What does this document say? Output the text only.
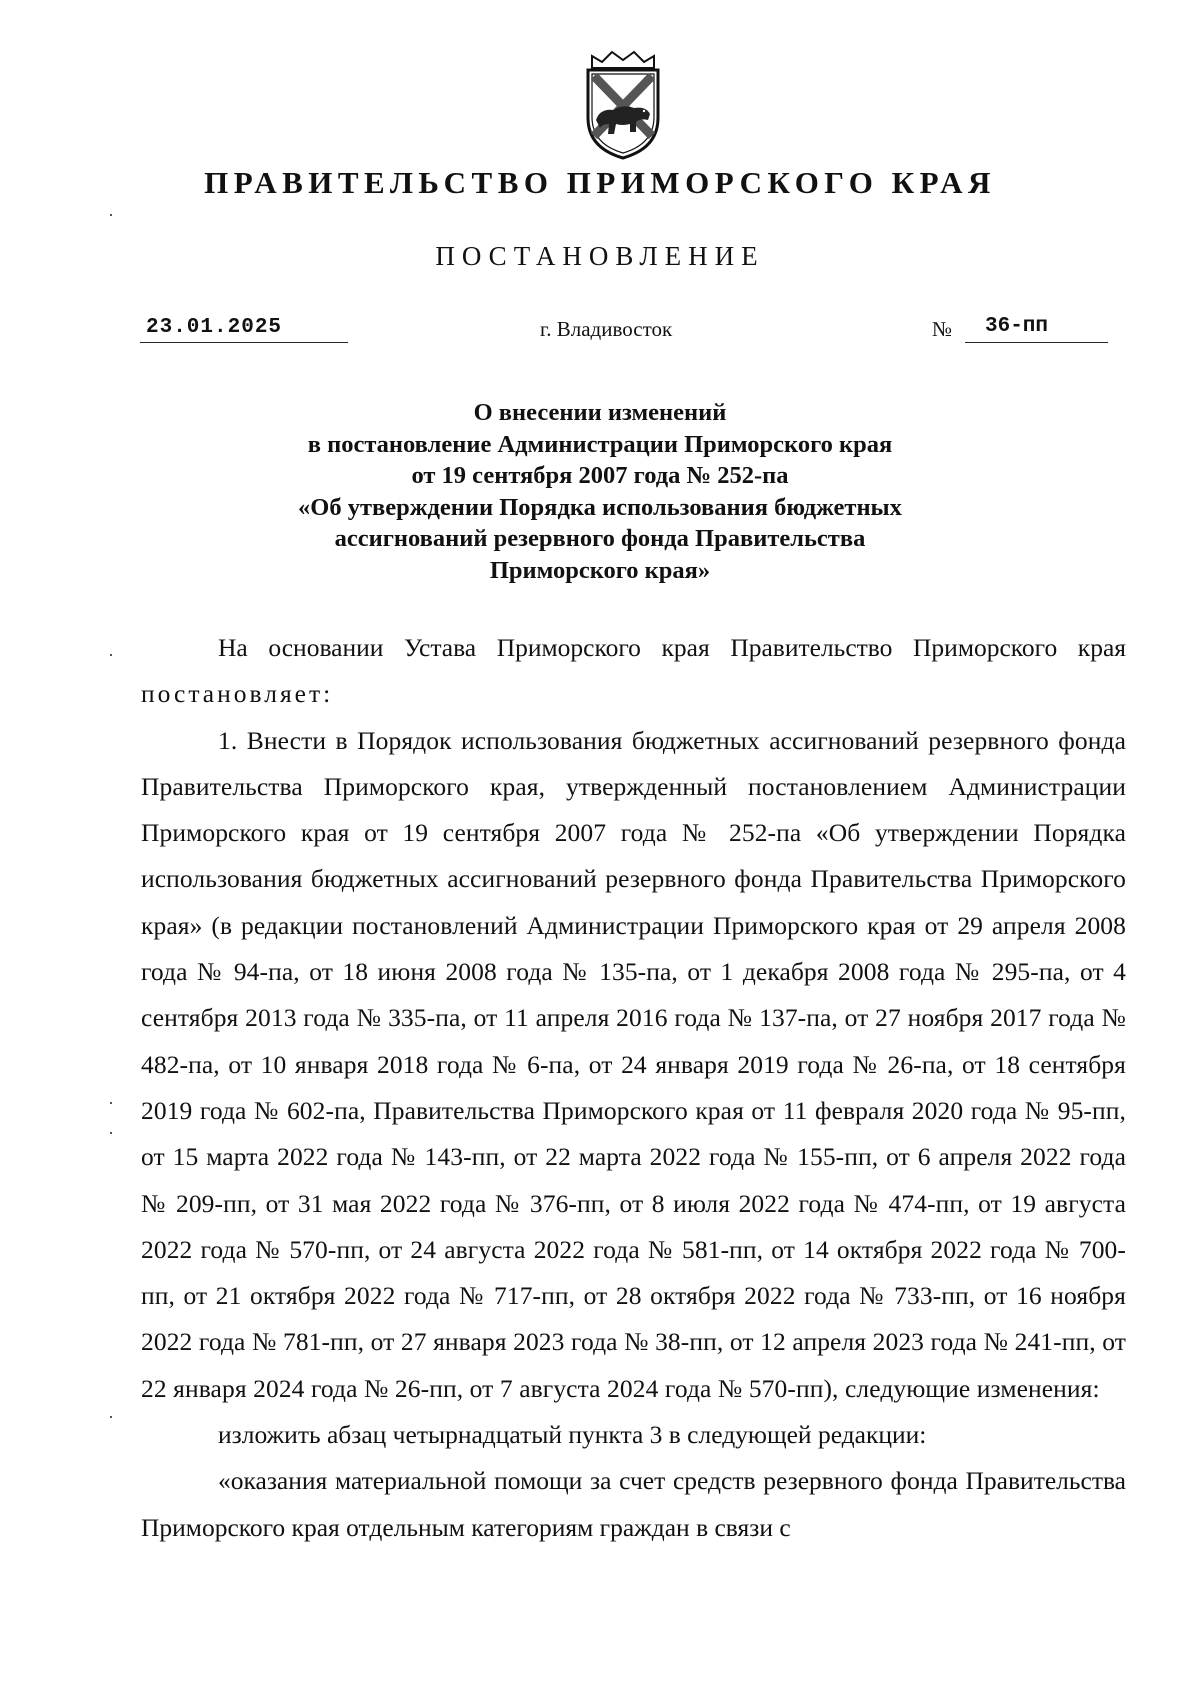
ПРАВИТЕЛЬСТВО ПРИМОРСКОГО КРАЯ
ПОСТАНОВЛЕНИЕ
23.01.2025	г. Владивосток	№ 36-пп
О внесении изменений
в постановление Администрации Приморского края
от 19 сентября 2007 года № 252-па
«Об утверждении Порядка использования бюджетных
ассигнований резервного фонда Правительства
Приморского края»

На основании Устава Приморского края Правительство Приморского края постановляет:

1. Внести в Порядок использования бюджетных ассигнований резервного фонда Правительства Приморского края, утвержденный постановлением Администрации Приморского края от 19 сентября 2007 года № 252-па «Об утверждении Порядка использования бюджетных ассигнований резервного фонда Правительства Приморского края» (в редакции постановлений Администрации Приморского края от 29 апреля 2008 года № 94-па, от 18 июня 2008 года № 135-па, от 1 декабря 2008 года № 295-па, от 4 сентября 2013 года № 335-па, от 11 апреля 2016 года № 137-па, от 27 ноября 2017 года № 482-па, от 10 января 2018 года № 6-па, от 24 января 2019 года № 26-па, от 18 сентября 2019 года № 602-па, Правительства Приморского края от 11 февраля 2020 года № 95-пп, от 15 марта 2022 года № 143-пп, от 22 марта 2022 года № 155-пп, от 6 апреля 2022 года № 209-пп, от 31 мая 2022 года № 376-пп, от 8 июля 2022 года № 474-пп, от 19 августа 2022 года № 570-пп, от 24 августа 2022 года № 581-пп, от 14 октября 2022 года № 700-пп, от 21 октября 2022 года № 717-пп, от 28 октября 2022 года № 733-пп, от 16 ноября 2022 года № 781-пп, от 27 января 2023 года № 38-пп, от 12 апреля 2023 года № 241-пп, от 22 января 2024 года № 26-пп, от 7 августа 2024 года № 570-пп), следующие изменения:

изложить абзац четырнадцатый пункта 3 в следующей редакции:

«оказания материальной помощи за счет средств резервного фонда Правительства Приморского края отдельным категориям граждан в связи с
